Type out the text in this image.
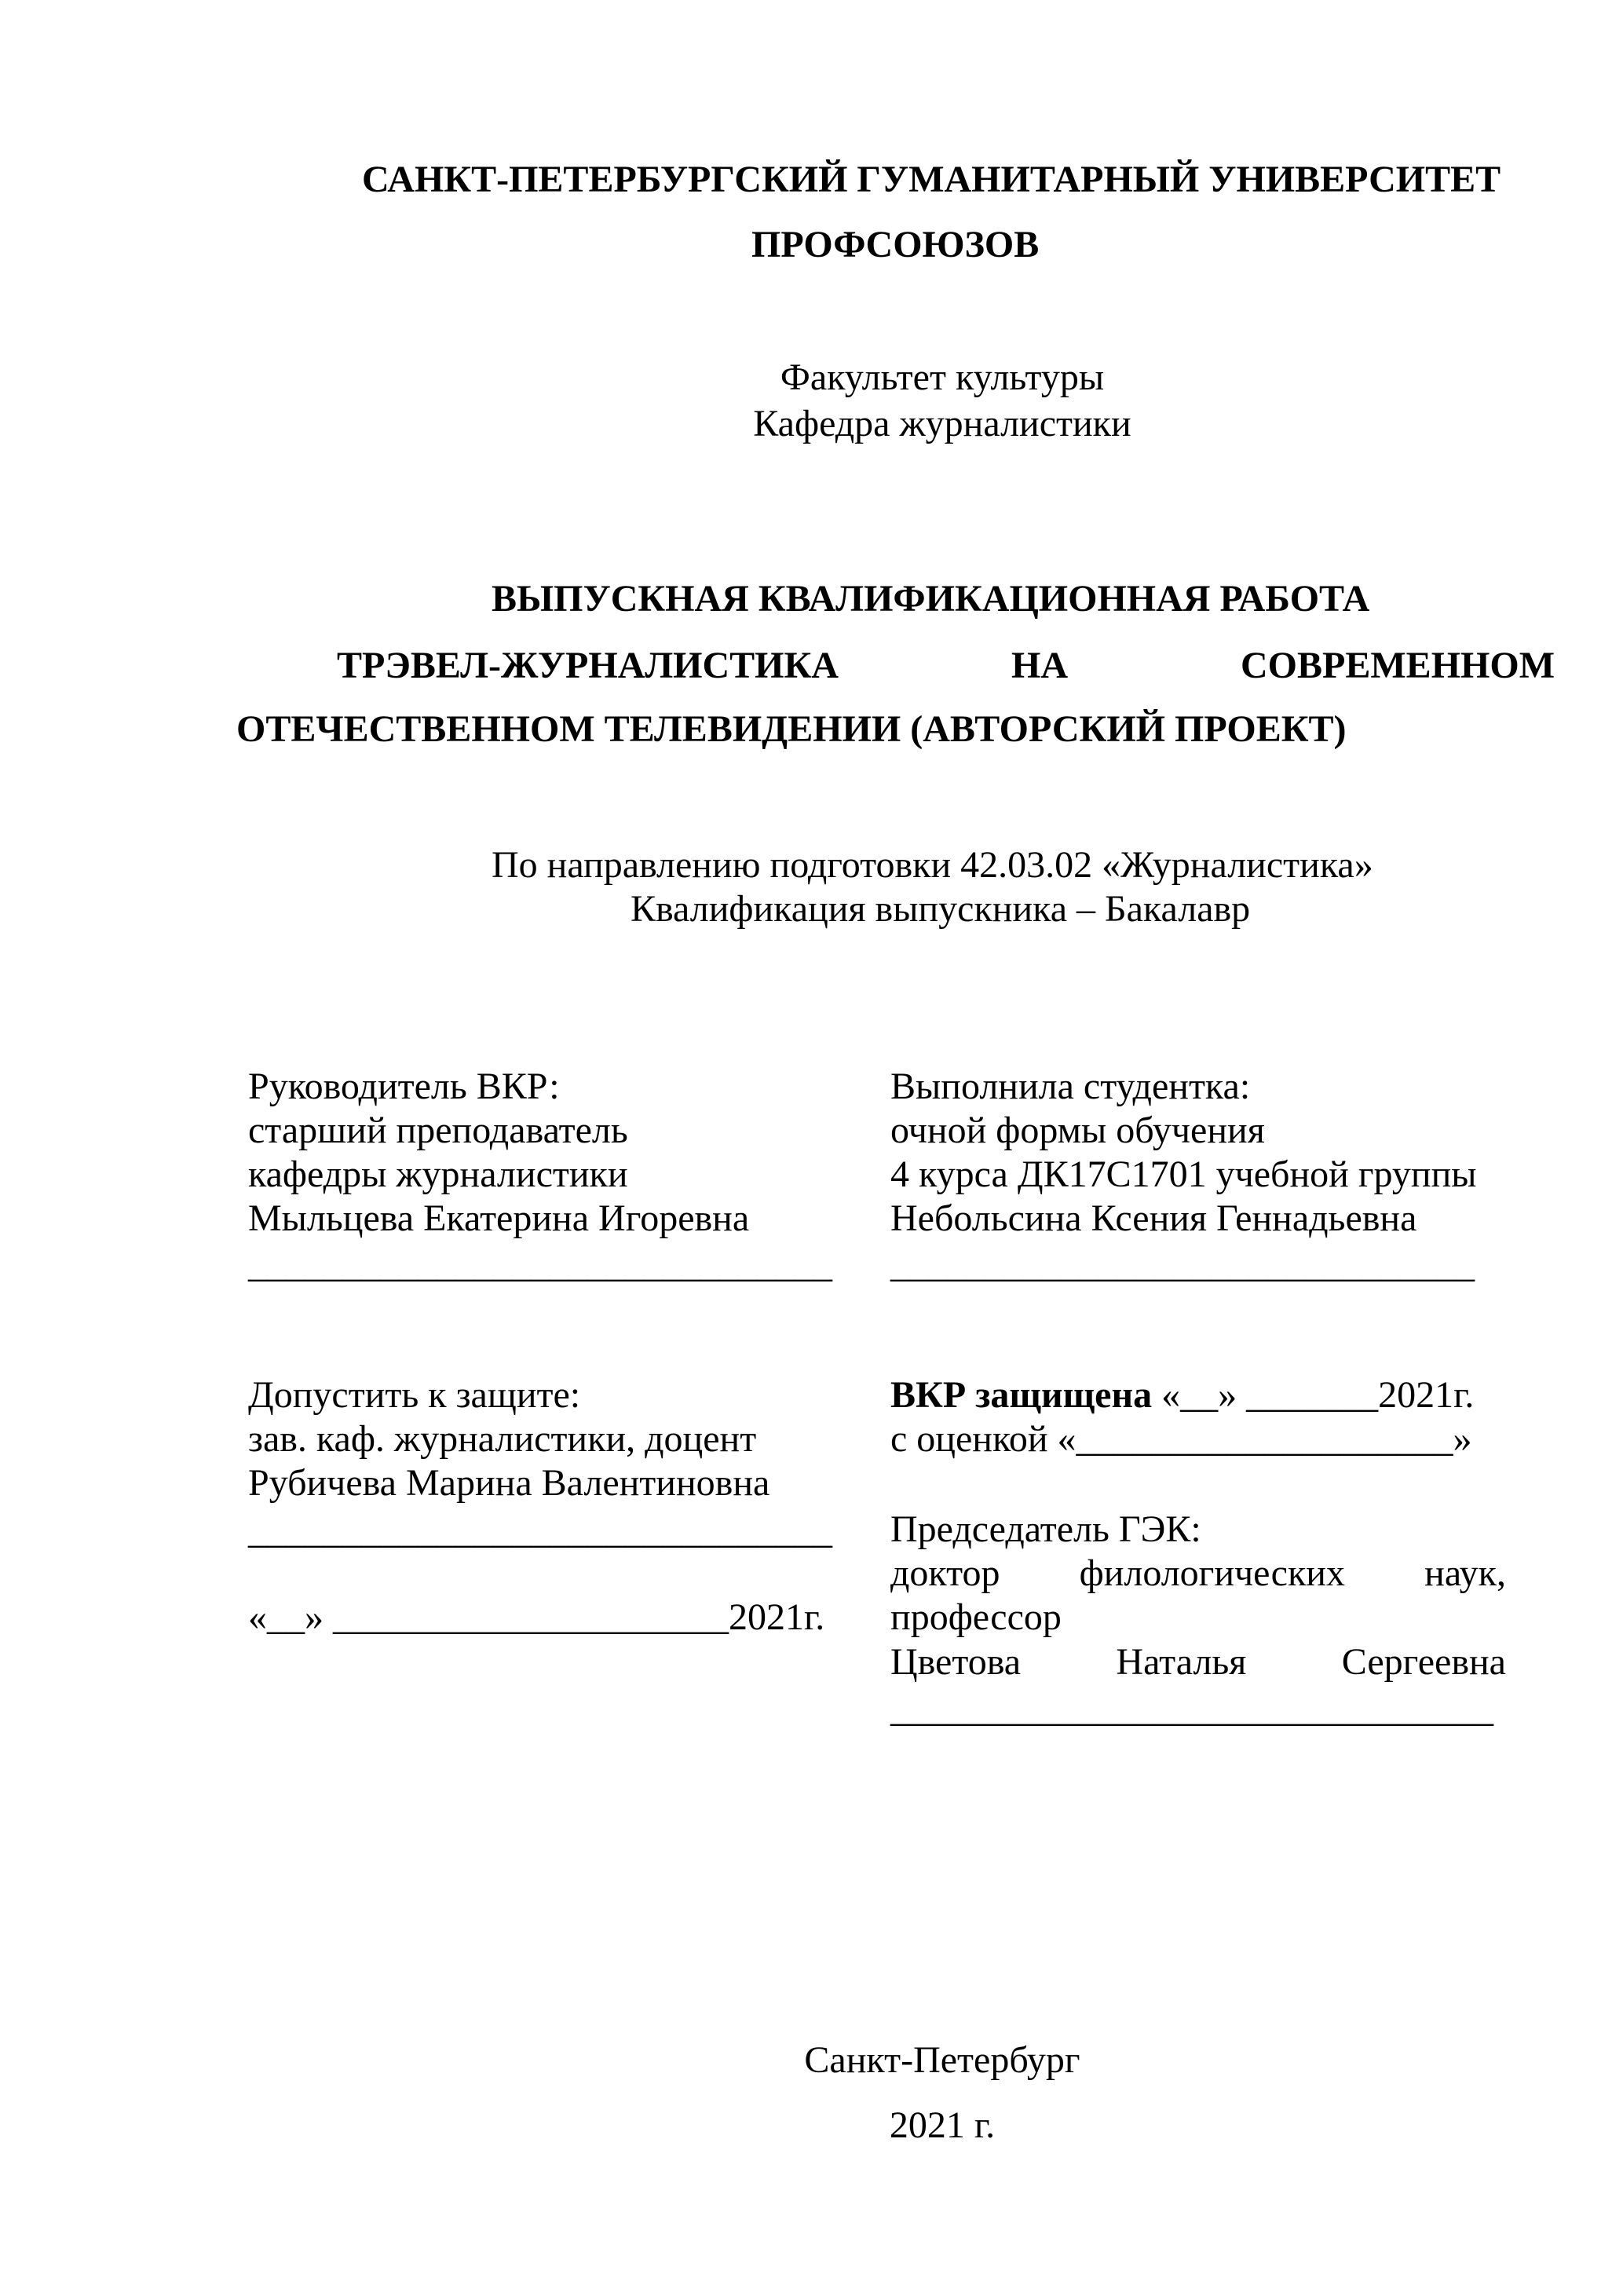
САНКТ-ПЕТЕРБУРГСКИЙ ГУМАНИТАРНЫЙ УНИВЕРСИТЕТ
ПРОФСОЮЗОВ
Факультет культуры
Кафедра журналистики
ВЫПУСКНАЯ КВАЛИФИКАЦИОННАЯ РАБОТА
ТРЭВЕЛ-ЖУРНАЛИСТИКА	НА	СОВРЕМЕННОМ
ОТЕЧЕСТВЕННОМ ТЕЛЕВИДЕНИИ (АВТОРСКИЙ ПРОЕКТ)
По направлению подготовки 42.03.02 «Журналистика»
Квалификация выпускника – Бакалавр
Руководитель ВКР:
старший преподаватель
кафедры журналистики
Мыльцева Екатерина Игоревна
_______________________________
Допустить к защите:
зав. каф. журналистики, доцент
Рубичева Марина Валентиновна
_______________________________
«__» _____________________2021г.
Выполнила студентка:
очной формы обучения
4 курса ДК17С1701 учебной группы
Небольсина Ксения Геннадьевна
_______________________________
ВКР защищена «__» _______2021г.
с оценкой «____________________»
Председатель ГЭК:
доктор филологических наук,
профессор
Цветова	Наталья	Сергеевна
________________________________
Санкт-Петербург
2021 г.
